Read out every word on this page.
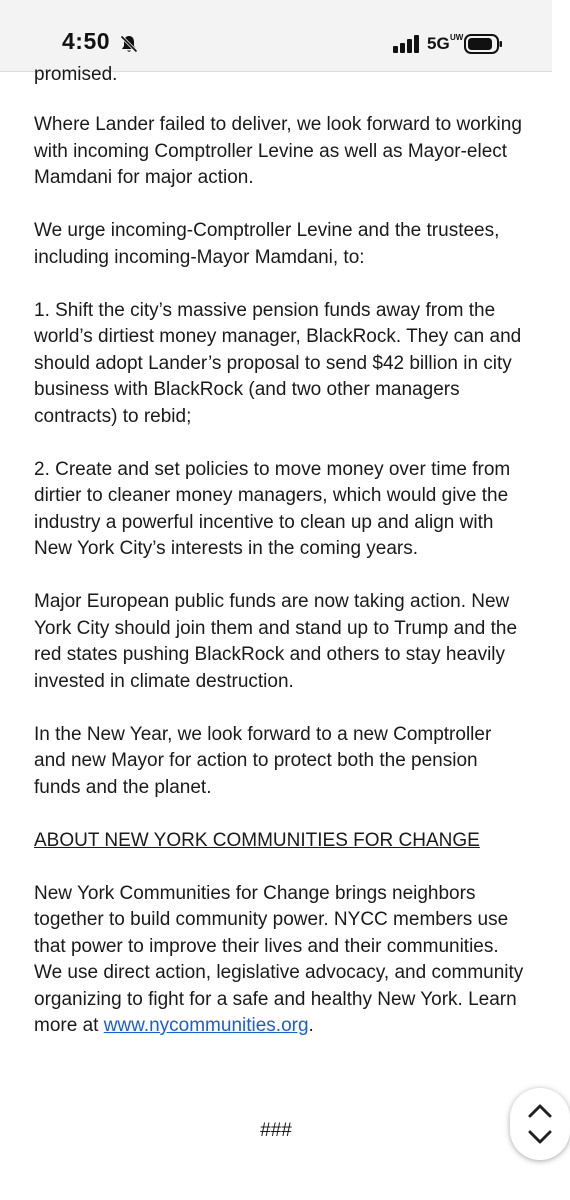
4:50	5G UW
promised.

Where Lander failed to deliver, we look forward to working with incoming Comptroller Levine as well as Mayor-elect Mamdani for major action.

We urge incoming-Comptroller Levine and the trustees, including incoming-Mayor Mamdani, to:

1. Shift the city’s massive pension funds away from the world’s dirtiest money manager, BlackRock. They can and should adopt Lander’s proposal to send $42 billion in city business with BlackRock (and two other managers contracts) to rebid;

2. Create and set policies to move money over time from dirtier to cleaner money managers, which would give the industry a powerful incentive to clean up and align with New York City’s interests in the coming years.

Major European public funds are now taking action. New York City should join them and stand up to Trump and the red states pushing BlackRock and others to stay heavily invested in climate destruction.

In the New Year, we look forward to a new Comptroller and new Mayor for action to protect both the pension funds and the planet.

ABOUT NEW YORK COMMUNITIES FOR CHANGE

New York Communities for Change brings neighbors together to build community power. NYCC members use that power to improve their lives and their communities. We use direct action, legislative advocacy, and community organizing to fight for a safe and healthy New York. Learn more at www.nycommunities.org.

###
